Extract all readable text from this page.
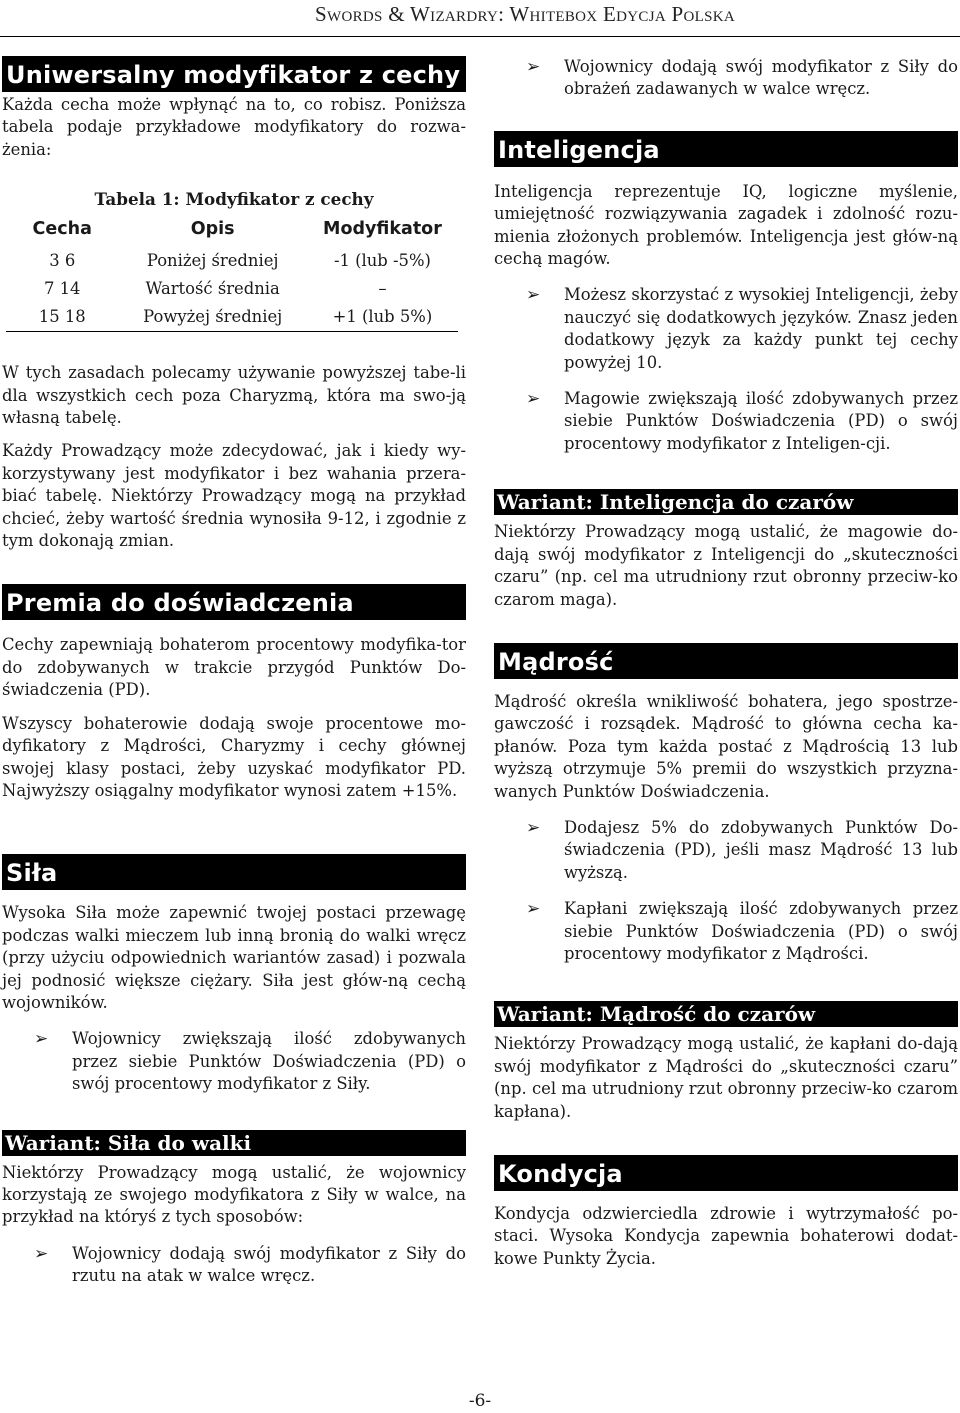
Swords & Wizardry: Whitebox Edycja Polska
Uniwersalny modyfikator z cechy

Każda cecha może wpłynąć na to, co robisz. Poniższa tabela podaje przykładowe modyfikatory do rozwa-żenia:

Tabela 1: Modyfikator z cechy

Cecha	Opis	Modyfikator
3 6	Poniżej średniej	-1 (lub -5%)
7 14	Wartość średnia	–
15 18	Powyżej średniej	+1 (lub 5%)

W tych zasadach polecamy używanie powyższej tabe-li dla wszystkich cech poza Charyzmą, która ma swo-ją własną tabelę.

Każdy Prowadzący może zdecydować, jak i kiedy wy-korzystywany jest modyfikator i bez wahania przera-biać tabelę. Niektórzy Prowadzący mogą na przykład chcieć, żeby wartość średnia wynosiła 9-12, i zgodnie z tym dokonają zmian.

Premia do doświadczenia

Cechy zapewniają bohaterom procentowy modyfika-tor do zdobywanych w trakcie przygód Punktów Do-świadczenia (PD).

Wszyscy bohaterowie dodają swoje procentowe mo-dyfikatory z Mądrości, Charyzmy i cechy głównej swojej klasy postaci, żeby uzyskać modyfikator PD. Najwyższy osiągalny modyfikator wynosi zatem +15%.

Siła

Wysoka Siła może zapewnić twojej postaci przewagę podczas walki mieczem lub inną bronią do walki wręcz (przy użyciu odpowiednich wariantów zasad) i pozwala jej podnosić większe ciężary. Siła jest głów-ną cechą wojowników.

➢ Wojownicy zwiększają ilość zdobywanych przez siebie Punktów Doświadczenia (PD) o swój procentowy modyfikator z Siły.
Wariant: Siła do walki

Niektórzy Prowadzący mogą ustalić, że wojownicy korzystają ze swojego modyfikatora z Siły w walce, na przykład na któryś z tych sposobów:

➢ Wojownicy dodają swój modyfikator z Siły do rzutu na atak w walce wręcz.
➢ Wojownicy dodają swój modyfikator z Siły do obrażeń zadawanych w walce wręcz.
Inteligencja

Inteligencja reprezentuje IQ, logiczne myślenie, umiejętność rozwiązywania zagadek i zdolność rozu-mienia złożonych problemów. Inteligencja jest głów-ną cechą magów.

➢ Możesz skorzystać z wysokiej Inteligencji, żeby nauczyć się dodatkowych języków. Znasz jeden dodatkowy język za każdy punkt tej cechy powyżej 10.
➢ Magowie zwiększają ilość zdobywanych przez siebie Punktów Doświadczenia (PD) o swój procentowy modyfikator z Inteligen-cji.
Wariant: Inteligencja do czarów

Niektórzy Prowadzący mogą ustalić, że magowie do-dają swój modyfikator z Inteligencji do „skuteczności czaru” (np. cel ma utrudniony rzut obronny przeciw-ko czarom maga).

Mądrość

Mądrość określa wnikliwość bohatera, jego spostrze-gawczość i rozsądek. Mądrość to główna cecha ka-płanów. Poza tym każda postać z Mądrością 13 lub wyższą otrzymuje 5% premii do wszystkich przyzna-wanych Punktów Doświadczenia.

➢ Dodajesz 5% do zdobywanych Punktów Do-świadczenia (PD), jeśli masz Mądrość 13 lub wyższą.
➢ Kapłani zwiększają ilość zdobywanych przez siebie Punktów Doświadczenia (PD) o swój procentowy modyfikator z Mądrości.
Wariant: Mądrość do czarów

Niektórzy Prowadzący mogą ustalić, że kapłani do-dają swój modyfikator z Mądrości do „skuteczności czaru” (np. cel ma utrudniony rzut obronny przeciw-ko czarom kapłana).

Kondycja

Kondycja odzwierciedla zdrowie i wytrzymałość po-staci. Wysoka Kondycja zapewnia bohaterowi dodat-kowe Punkty Życia.

-6-
